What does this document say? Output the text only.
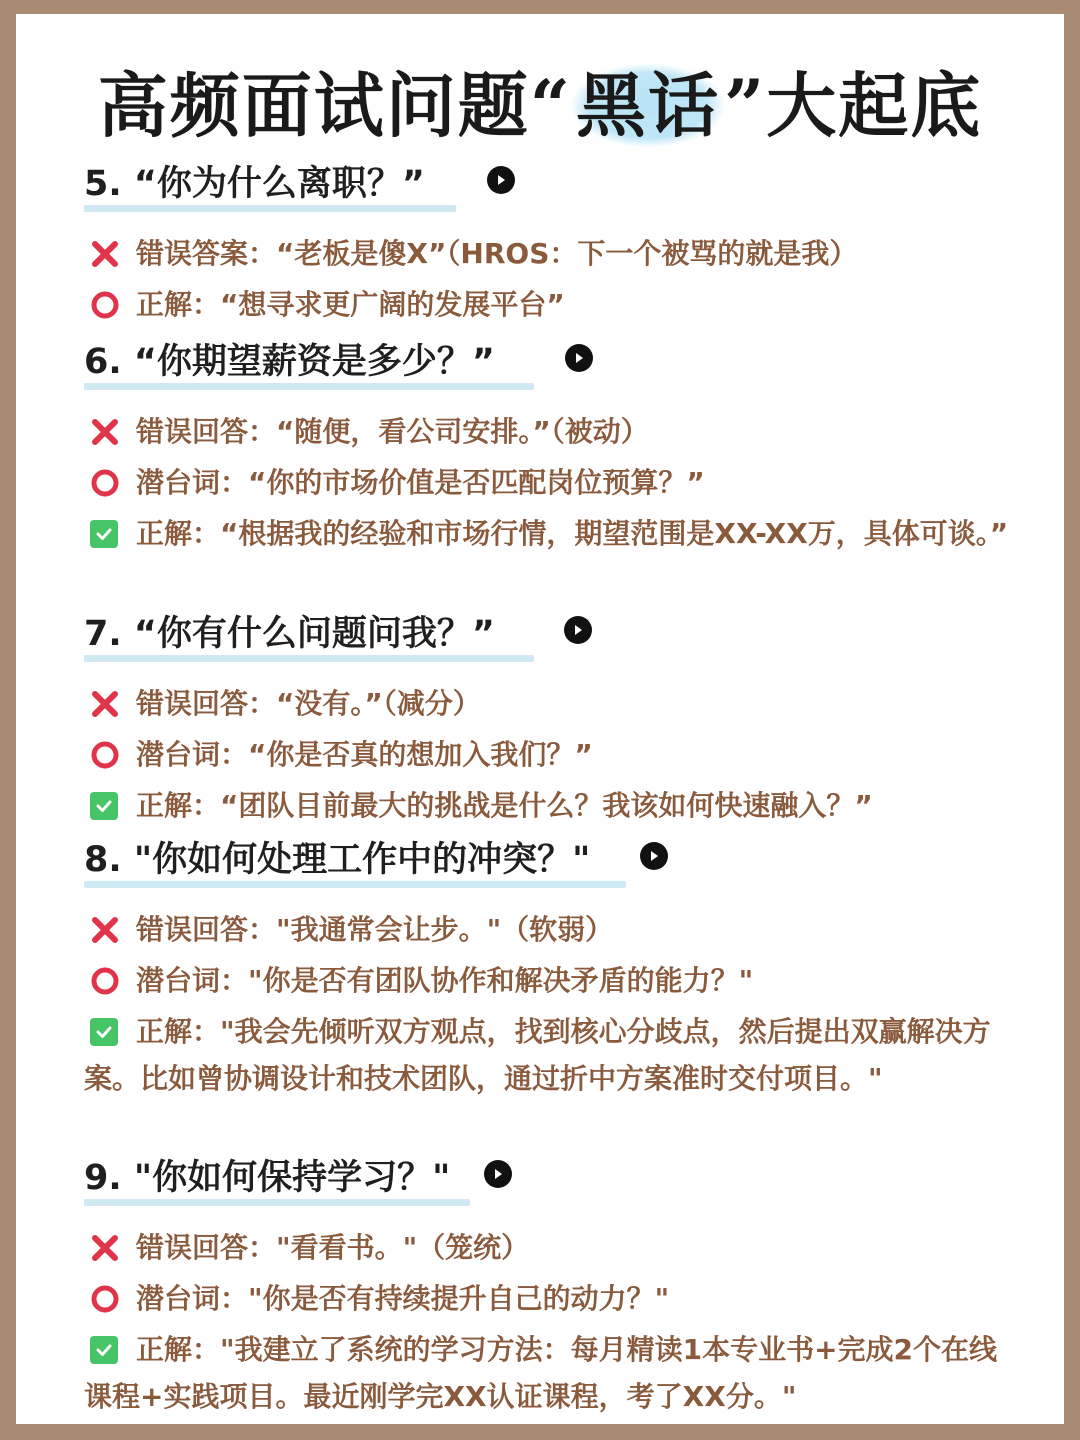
高频面试问题“黑话”大起底
5. “你为什么离职？”
错误答案：“老板是傻X”（HROS：下一个被骂的就是我）
正解：“想寻求更广阔的发展平台”
6. “你期望薪资是多少？”
错误回答：“随便，看公司安排。”（被动）
潜台词：“你的市场价值是否匹配岗位预算？”
正解：“根据我的经验和市场行情，期望范围是XX-XX万，具体可谈。”
7. “你有什么问题问我？”
错误回答：“没有。”（减分）
潜台词：“你是否真的想加入我们？”
正解：“团队目前最大的挑战是什么？我该如何快速融入？”
8. "你如何处理工作中的冲突？"
错误回答："我通常会让步。"（软弱）
潜台词："你是否有团队协作和解决矛盾的能力？"
正解："我会先倾听双方观点，找到核心分歧点，然后提出双赢解决方案。比如曾协调设计和技术团队，通过折中方案准时交付项目。"
9. "你如何保持学习？"
错误回答："看看书。"（笼统）
潜台词："你是否有持续提升自己的动力？"
正解："我建立了系统的学习方法：每月精读1本专业书+完成2个在线课程+实践项目。最近刚学完XX认证课程，考了XX分。"
